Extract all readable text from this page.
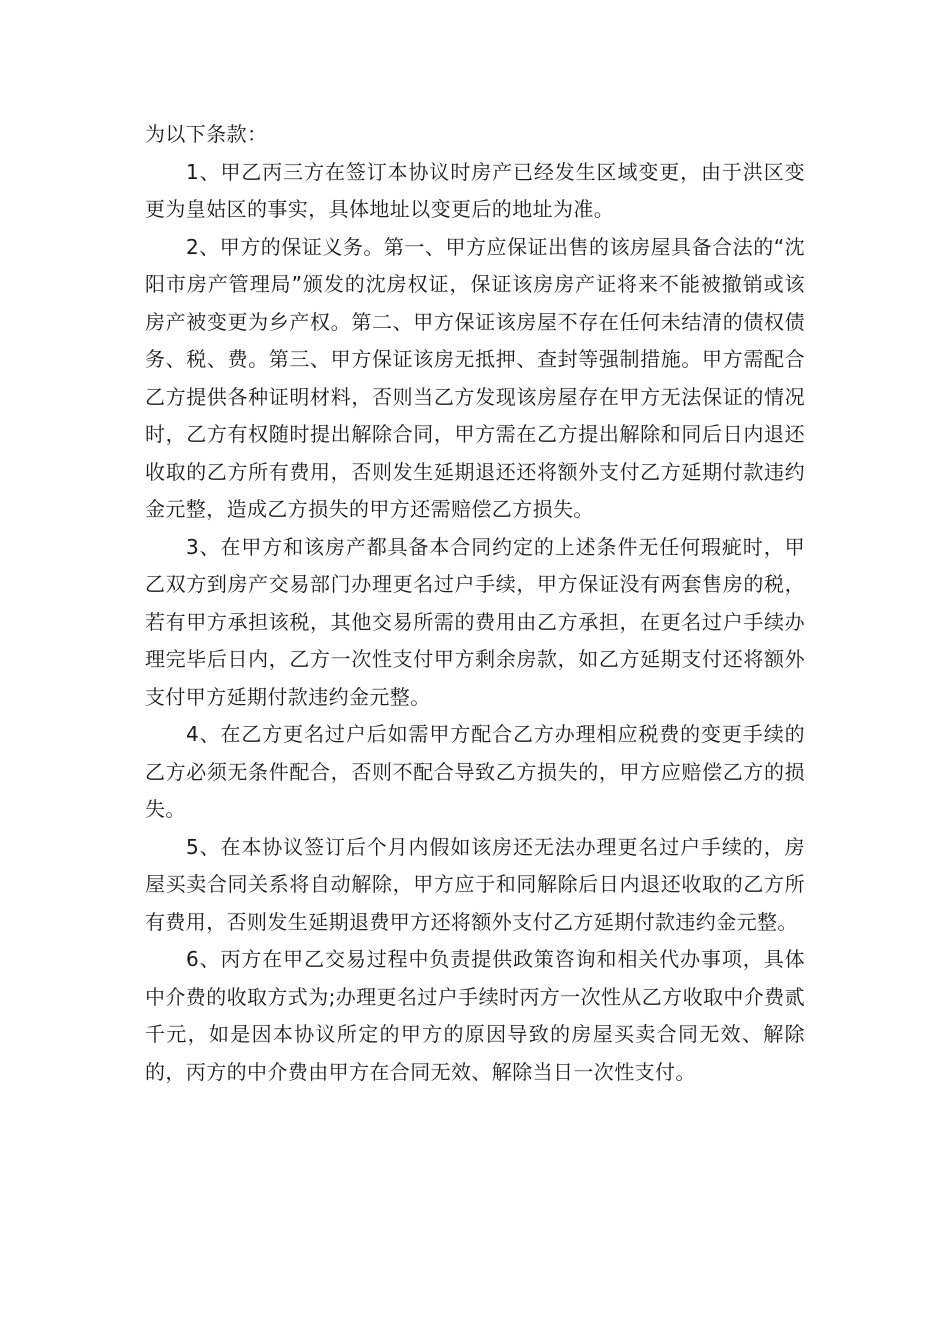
为以下条款：

1、甲乙丙三方在签订本协议时房产已经发生区域变更，由于洪区变更为皇姑区的事实，具体地址以变更后的地址为准。

2、甲方的保证义务。第一、甲方应保证出售的该房屋具备合法的“沈阳市房产管理局”颁发的沈房权证，保证该房房产证将来不能被撤销或该房产被变更为乡产权。第二、甲方保证该房屋不存在任何未结清的债权债务、税、费。第三、甲方保证该房无抵押、查封等强制措施。甲方需配合乙方提供各种证明材料，否则当乙方发现该房屋存在甲方无法保证的情况时，乙方有权随时提出解除合同，甲方需在乙方提出解除和同后日内退还收取的乙方所有费用，否则发生延期退还还将额外支付乙方延期付款违约金元整，造成乙方损失的甲方还需赔偿乙方损失。

3、在甲方和该房产都具备本合同约定的上述条件无任何瑕疵时，甲乙双方到房产交易部门办理更名过户手续，甲方保证没有两套售房的税，若有甲方承担该税，其他交易所需的费用由乙方承担，在更名过户手续办理完毕后日内，乙方一次性支付甲方剩余房款，如乙方延期支付还将额外支付甲方延期付款违约金元整。

4、在乙方更名过户后如需甲方配合乙方办理相应税费的变更手续的乙方必须无条件配合，否则不配合导致乙方损失的，甲方应赔偿乙方的损失。

5、在本协议签订后个月内假如该房还无法办理更名过户手续的，房屋买卖合同关系将自动解除，甲方应于和同解除后日内退还收取的乙方所有费用，否则发生延期退费甲方还将额外支付乙方延期付款违约金元整。

6、丙方在甲乙交易过程中负责提供政策咨询和相关代办事项，具体中介费的收取方式为;办理更名过户手续时丙方一次性从乙方收取中介费贰千元，如是因本协议所定的甲方的原因导致的房屋买卖合同无效、解除的，丙方的中介费由甲方在合同无效、解除当日一次性支付。
